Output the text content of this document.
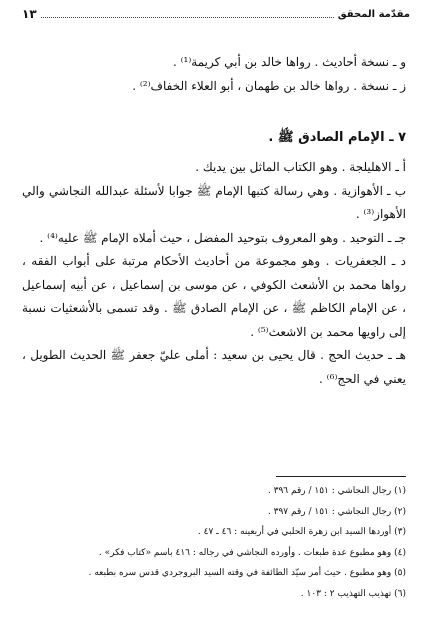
مقدّمة المحقق
١٣

و ـ نسخة أحاديث . رواها خالد بن أبي كريمة⁽¹⁾ .

ز ـ نسخة . رواها خالد بن طهمان ، أبو العلاء الخفاف⁽²⁾ .

٧ ـ الإمام الصادق ﷺ .

أ ـ الاهليلجة . وهو الكتاب الماثل بين يديك .

ب ـ الأهوازية . وهي رسالة كتبها الإمام ﷺ جوابا لأسئلة عبدالله النجاشي والي الأهواز⁽³⁾ .

جـ ـ التوحيد . وهو المعروف بتوحيد المفضل ، حيث أملاه الإمام ﷺ عليه⁽⁴⁾ .

د ـ الجعفريات . وهو مجموعة من أحاديث الأحكام مرتبة على أبواب الفقه ، رواها محمد بن الأشعث الكوفي ، عن موسى بن إسماعيل ، عن أبيه إسماعيل ، عن الإمام الكاظم ﷺ ، عن الإمام الصادق ﷺ . وقد تسمى بالأشعثيات نسبة إلى راويها محمد بن الاشعث⁽⁵⁾ .

هـ ـ حديث الحج . قال يحيى بن سعيد : أملى عليّ جعفر ﷺ الحديث الطويل ، يعني في الحج⁽⁶⁾ .

(١) رجال النجاشي : ١٥١ / رقم ٣٩٦ .

(٢) رجال النجاشي : ١٥١ / رقم ٣٩٧ .

(٣) أوردها السيد ابن زهرة الحلبي في أربعينه : ٤٦ ـ ٤٧ .

(٤) وهو مطبوع عدة طبعات . وأورده النجاشي في رجاله : ٤١٦ باسم «كتاب فكر» .

(٥) وهو مطبوع . حيث أمر سيّد الطائفة في وقته السيد البروجردي قدس سره بطبعه .

(٦) تهذيب التهذيب ٢ : ١٠٣ .
